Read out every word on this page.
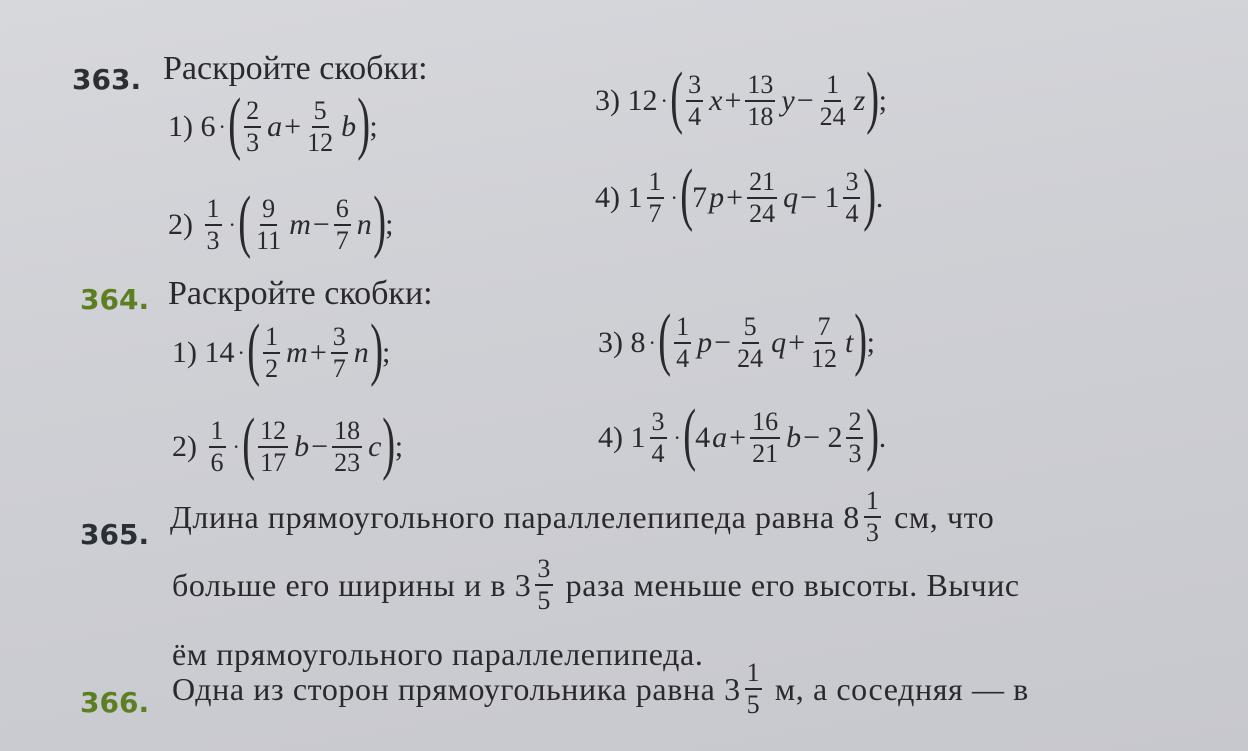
363. Раскройте скобки:
1)
6 · ( $\frac{2}{3}$ $a + \frac{5}{12}$ b ) ;
2)
$\frac{1}{3}$ · ( $\frac{9}{11}$ $m - \frac{6}{7}$ n ) ;
3)
12 · ( $\frac{3}{4}$ $x + \frac{13}{18}$ $y - \frac{1}{24}$ z ) ;
4)
$1 \frac{1}{7}$ · ( 7 $p + \frac{21}{24}$ q −
$1 \frac{3}{4}$ ) .
364. Раскройте скобки:
1)
14 · ( $\frac{1}{2}$ $m + \frac{3}{7}$ n ) ;
2)
$\frac{1}{6}$ · ( $\frac{12}{17}$ $b - \frac{18}{23}$ c ) ;
3)
8 · ( $\frac{1}{4}$ $p - \frac{5}{24}$ $q + \frac{7}{12}$ t ) ;
4)
$1 \frac{3}{4}$ · ( 4 $a + \frac{16}{21}$ b −
$2 \frac{2}{3}$ ) .
365. Длина прямоугольного параллелепипеда равна
$8 \frac{1}{3}$
см, что
больше его ширины и в
$3 \frac{3}{5}$
раза меньше его высоты. Вычис
ём прямоугольного параллелепипеда.
366. Одна из сторон прямоугольника равна
$3 \frac{1}{5}$
м, а соседняя — в
